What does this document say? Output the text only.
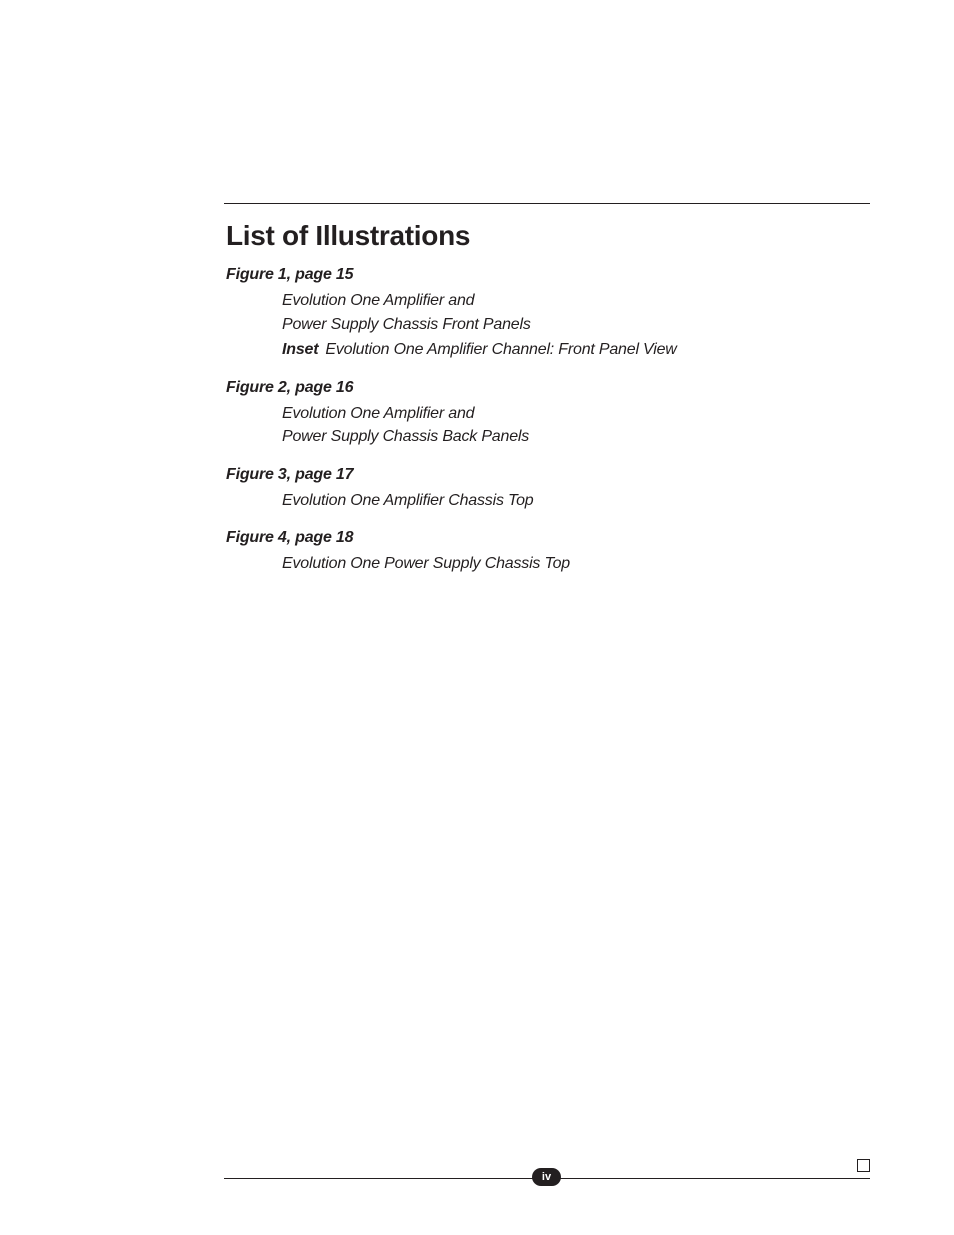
List of Illustrations
Figure 1, page 15
Evolution One Amplifier and
Power Supply Chassis Front Panels
Inset Evolution One Amplifier Channel: Front Panel View
Figure 2, page 16
Evolution One Amplifier and
Power Supply Chassis Back Panels
Figure 3, page 17
Evolution One Amplifier Chassis Top
Figure 4, page 18
Evolution One Power Supply Chassis Top
iv
